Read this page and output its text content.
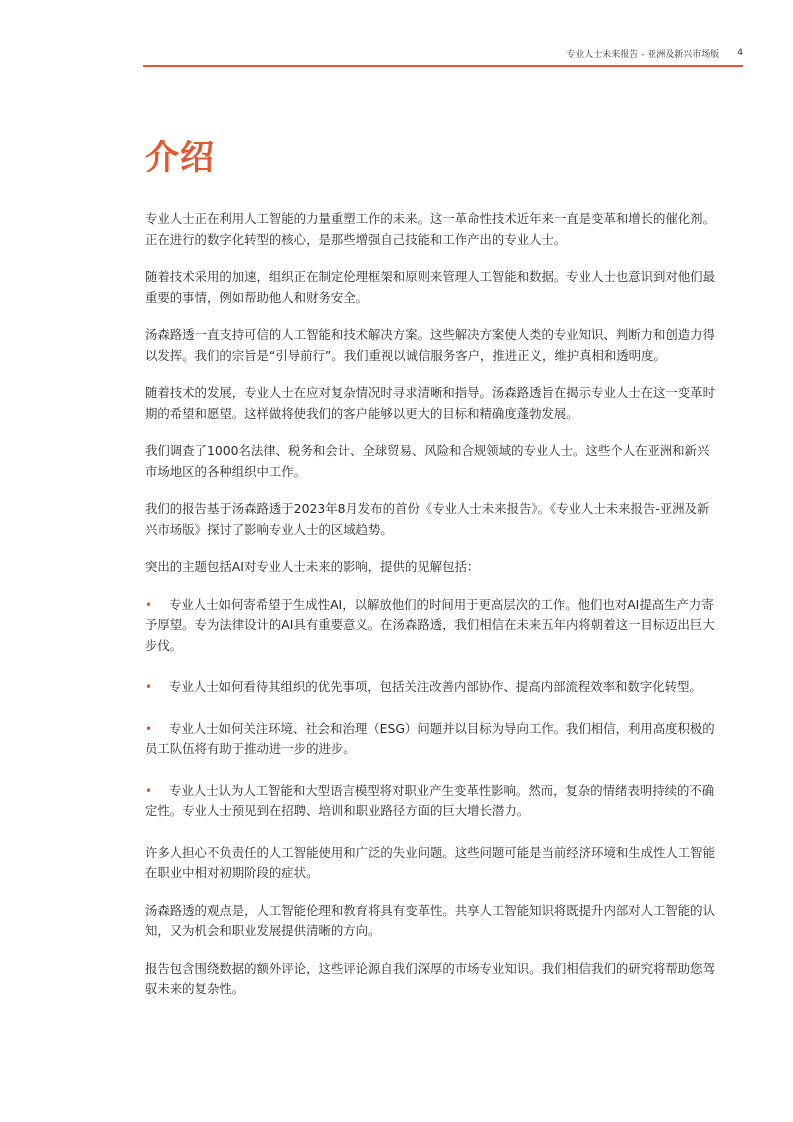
专业人士未来报告 - 亚洲及新兴市场版 4
介绍

专业人士正在利用人工智能的力量重塑工作的未来。这一革命性技术近年来一直是变革和增长的催化剂。正在进行的数字化转型的核心，是那些增强自己技能和工作产出的专业人士。

随着技术采用的加速，组织正在制定伦理框架和原则来管理人工智能和数据。专业人士也意识到对他们最重要的事情，例如帮助他人和财务安全。

汤森路透一直支持可信的人工智能和技术解决方案。这些解决方案使人类的专业知识、判断力和创造力得以发挥。我们的宗旨是“引导前行”。我们重视以诚信服务客户，推进正义，维护真相和透明度。

随着技术的发展，专业人士在应对复杂情况时寻求清晰和指导。汤森路透旨在揭示专业人士在这一变革时期的希望和愿望。这样做将使我们的客户能够以更大的目标和精确度蓬勃发展。

我们调查了1000名法律、税务和会计、全球贸易、风险和合规领域的专业人士。这些个人在亚洲和新兴市场地区的各种组织中工作。

我们的报告基于汤森路透于2023年8月发布的首份《专业人士未来报告》。《专业人士未来报告-亚洲及新兴市场版》探讨了影响专业人士的区域趋势。

突出的主题包括AI对专业人士未来的影响，提供的见解包括：

• 专业人士如何寄希望于生成性AI，以解放他们的时间用于更高层次的工作。他们也对AI提高生产力寄予厚望。专为法律设计的AI具有重要意义。在汤森路透，我们相信在未来五年内将朝着这一目标迈出巨大步伐。

• 专业人士如何看待其组织的优先事项，包括关注改善内部协作、提高内部流程效率和数字化转型。

• 专业人士如何关注环境、社会和治理（ESG）问题并以目标为导向工作。我们相信，利用高度积极的员工队伍将有助于推动进一步的进步。

• 专业人士认为人工智能和大型语言模型将对职业产生变革性影响。然而，复杂的情绪表明持续的不确定性。专业人士预见到在招聘、培训和职业路径方面的巨大增长潜力。

许多人担心不负责任的人工智能使用和广泛的失业问题。这些问题可能是当前经济环境和生成性人工智能在职业中相对初期阶段的症状。

汤森路透的观点是，人工智能伦理和教育将具有变革性。共享人工智能知识将既提升内部对人工智能的认知，又为机会和职业发展提供清晰的方向。

报告包含围绕数据的额外评论，这些评论源自我们深厚的市场专业知识。我们相信我们的研究将帮助您驾驭未来的复杂性。
